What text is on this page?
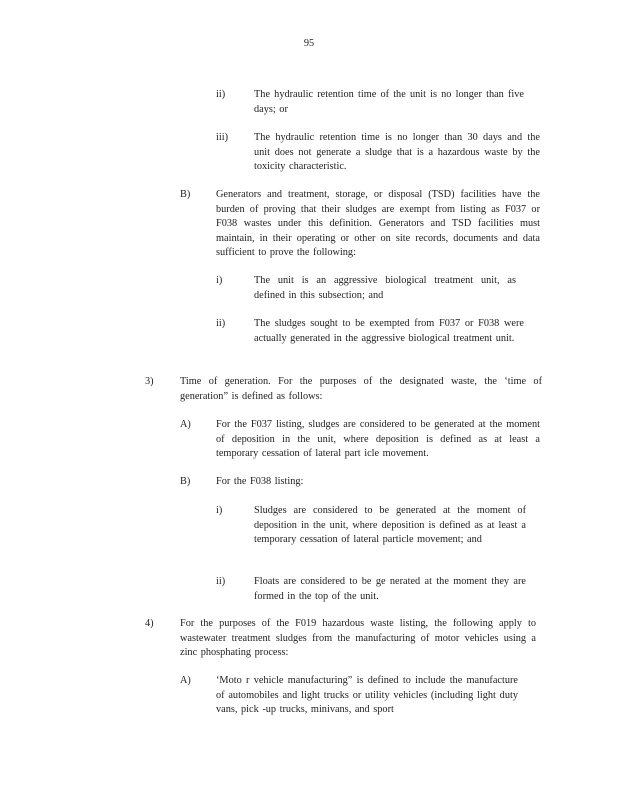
95
ii)	The hydraulic retention time of the unit is no longer than five days; or
iii)	The hydraulic retention time is no longer than 30 days and the unit does not generate a sludge that is a hazardous waste by the toxicity characteristic.
B) Generators and treatment, storage, or disposal (TSD) facilities have the burden of proving that their sludges are exempt from listing as F037 or F038 wastes under this definition. Generators and TSD facilities must maintain, in their operating or other on site records, documents and data sufficient to prove the following:
i)	The unit is an aggressive biological treatment unit, as defined in this subsection; and
ii)	The sludges sought to be exempted from F037 or F038 were actually generated in the aggressive biological treatment unit.
3)	Time of generation. For the purposes of the designated waste, the ‘time of generation” is defined as follows:
A) For the F037 listing, sludges are considered to be generated at the moment of deposition in the unit, where deposition is defined as at least a temporary cessation of lateral part icle movement.
B) For the F038 listing:
i)	Sludges are considered to be generated at the moment of deposition in the unit, where deposition is defined as at least a temporary cessation of lateral particle movement; and
ii)	Floats are considered to be ge nerated at the moment they are formed in the top of the unit.
4)	For the purposes of the F019 hazardous waste listing, the following apply to wastewater treatment sludges from the manufacturing of motor vehicles using a zinc phosphating process:
A) ‘Moto r vehicle manufacturing” is defined to include the manufacture of automobiles and light trucks or utility vehicles (including light duty vans, pick -up trucks, minivans, and sport
